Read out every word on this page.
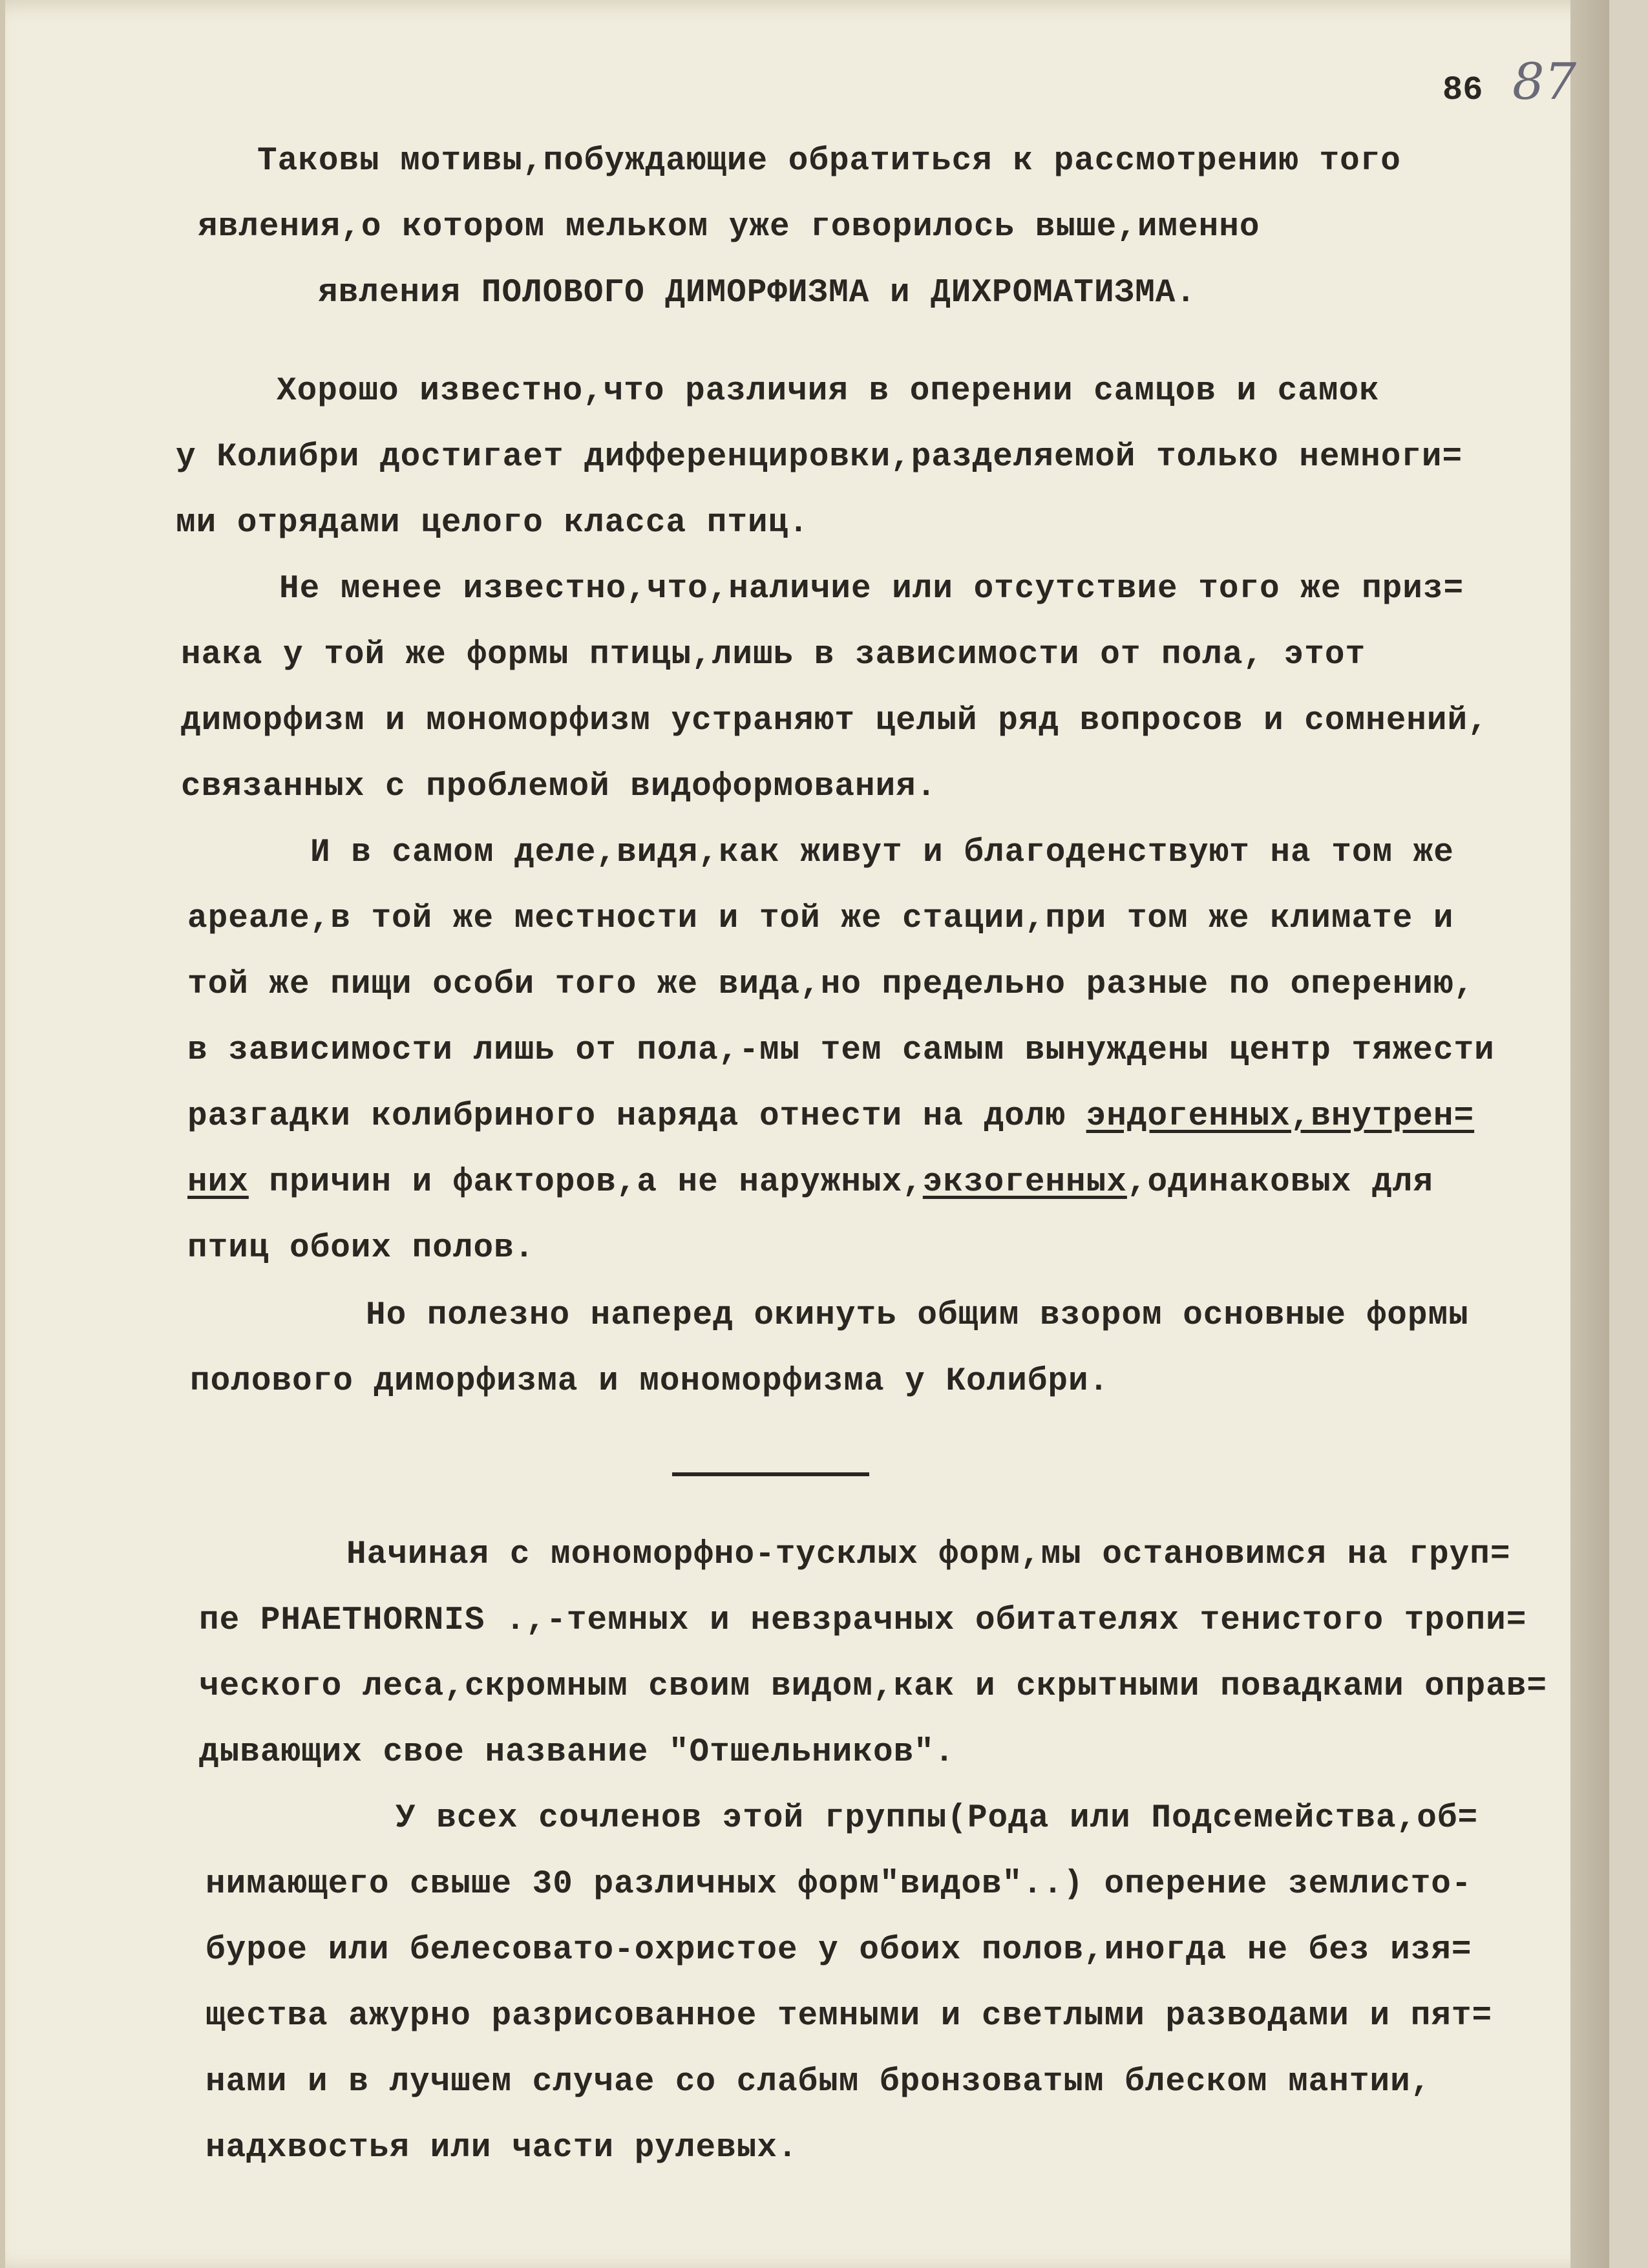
86 87
Таковы мотивы,побуждающие обратиться к рассмотрению того
явления,о котором мельком уже говорилось выше,именно
явления ПОЛОВОГО ДИМОРФИЗМА и ДИХРОМАТИЗМА.
Хорошо известно,что различия в оперении самцов и самок
у Колибри достигает дифференцировки,разделяемой только немноги=
ми отрядами целого класса птиц.
Не менее известно,что,наличие или отсутствие того же приз=
нака у той же формы птицы,лишь в зависимости от пола, этот
диморфизм и мономорфизм устраняют целый ряд вопросов и сомнений,
связанных с проблемой видоформования.
И в самом деле,видя,как живут и благоденствуют на том же
ареале,в той же местности и той же стации,при том же климате и
той же пищи особи того же вида,но предельно разные по оперению,
в зависимости лишь от пола,-мы тем самым вынуждены центр тяжести
разгадки колибриного наряда отнести на долю эндогенных,внутрен=
них причин и факторов,а не наружных,экзогенных,одинаковых для
птиц обоих полов.
Но полезно наперед окинуть общим взором основные формы
полового диморфизма и мономорфизма у Колибри.
Начиная с мономорфно-тусклых форм,мы остановимся на груп=
пе PHAETHORNIS .,-темных и невзрачных обитателях тенистого тропи=
ческого леса,скромным своим видом,как и скрытными повадками оправ=
дывающих свое название "Отшельников".
У всех сочленов этой группы(Рода или Подсемейства,об=
нимающего свыше 30 различных форм"видов"..) оперение землисто-
бурое или белесовато-охристое у обоих полов,иногда не без изя=
щества ажурно разрисованное темными и светлыми разводами и пят=
нами и в лучшем случае со слабым бронзоватым блеском мантии,
надхвостья или части рулевых.
